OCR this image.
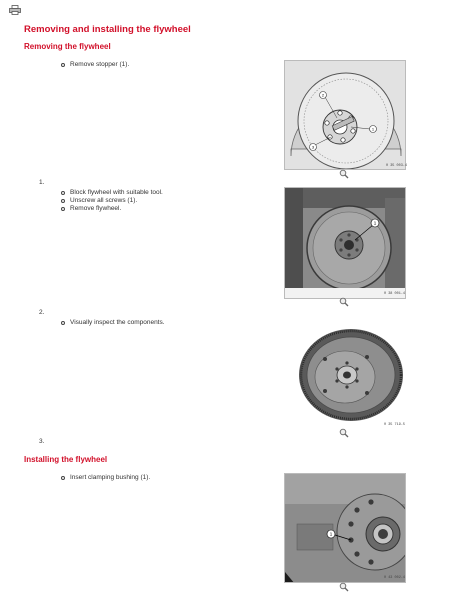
Removing and installing the flywheel
Removing the flywheel
Remove stopper (1).
2
1
3
0 35 003-4
1.
Block flywheel with suitable tool.
Unscrew all screws (1).
Remove flywheel.
1
0 38 001-4
2.
Visually inspect the components.
0 35 719-5
3.
Installing the flywheel
Insert clamping bushing (1).
1
0 43 002-4
